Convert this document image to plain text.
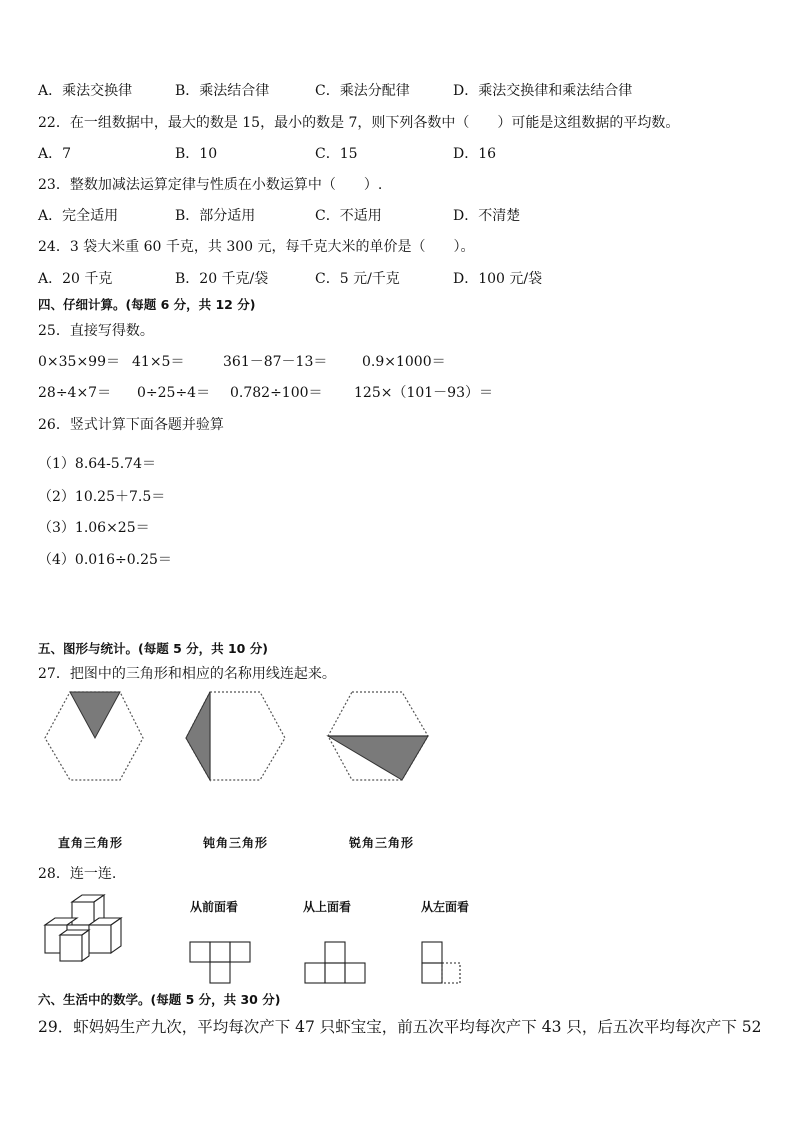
A．乘法交换律	B．乘法结合律	C．乘法分配律	D．乘法交换律和乘法结合律
22．在一组数据中，最大的数是 15，最小的数是 7，则下列各数中（　　）可能是这组数据的平均数。
A．7	B．10	C．15	D．16
23．整数加减法运算定律与性质在小数运算中（　　）.
A．完全适用	B．部分适用	C．不适用	D．不清楚
24．3 袋大米重 60 千克，共 300 元，每千克大米的单价是（　　）。
A．20 千克	B．20 千克/袋	C．5 元/千克	D．100 元/袋
四、仔细计算。(每题 6 分，共 12 分)
25．直接写得数。
0×35×99＝ 41×5＝	361－87－13＝ 0.9×1000＝
28÷4×7＝ 0÷25÷4＝ 0.782÷100＝ 125×（101－93）＝
26．竖式计算下面各题并验算
（1）8.64-5.74＝
（2）10.25＋7.5＝
（3）1.06×25＝
（4）0.016÷0.25＝
五、图形与统计。(每题 5 分，共 10 分)
27．把图中的三角形和相应的名称用线连起来。
直角三角形	钝角三角形	锐角三角形
28．连一连.
从前面看	从上面看	从左面看
六、生活中的数学。(每题 5 分，共 30 分)
29．虾妈妈生产九次，平均每次产下 47 只虾宝宝，前五次平均每次产下 43 只，后五次平均每次产下 52
